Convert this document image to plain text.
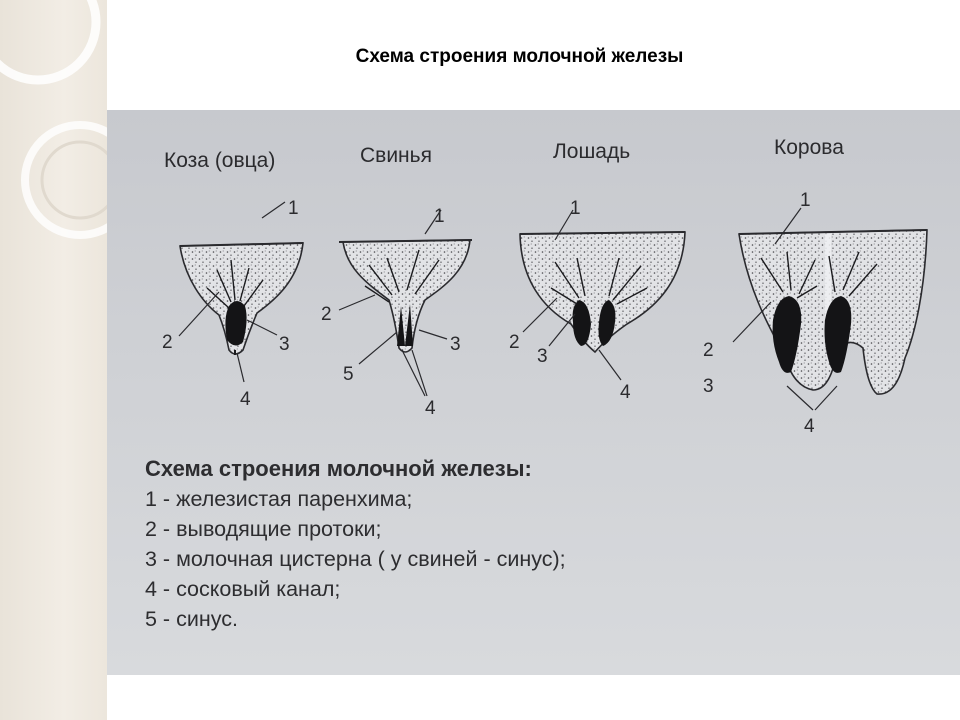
Схема строения молочной железы
Коза (овца)
1
2	3
4
Свинья
1
2
3
5
4
Лошадь
1
2
3
4
Корова
1
2
3
4
Схема строения молочной железы:
1 - железистая паренхима;
2 - выводящие протоки;
3 - молочная цистерна ( у свиней - синус);
4 - сосковый канал;
5 - синус.
